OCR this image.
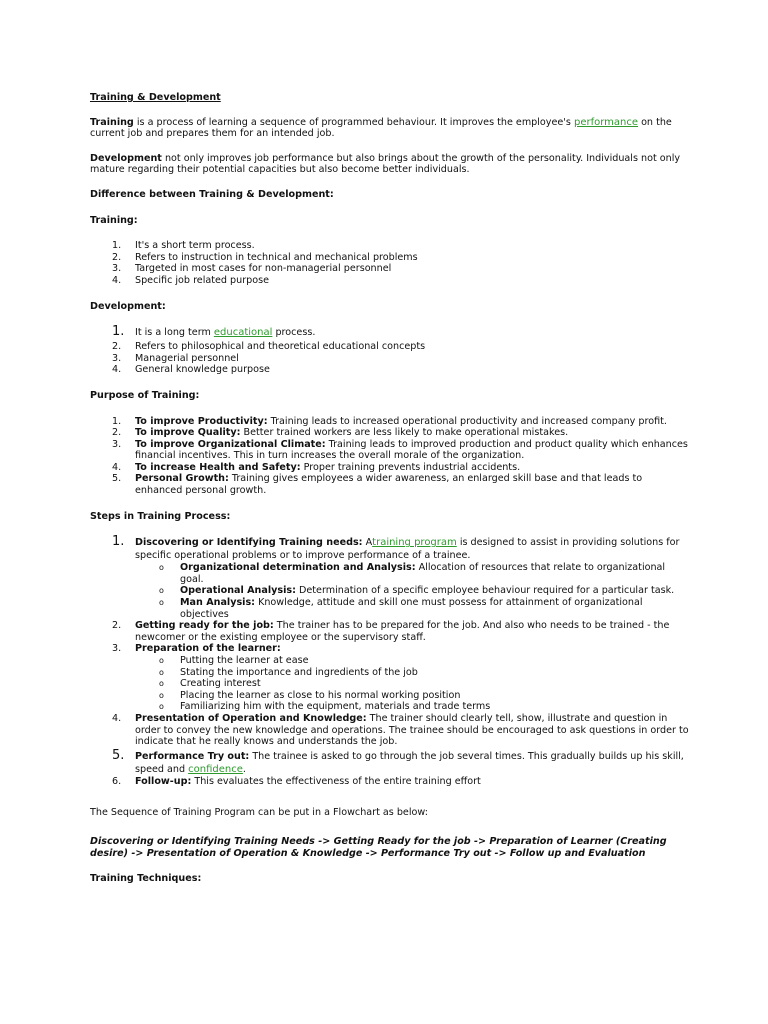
Training & Development

Training is a process of learning a sequence of programmed behaviour. It improves the employee's performance on the current job and prepares them for an intended job.

Development not only improves job performance but also brings about the growth of the personality. Individuals not only mature regarding their potential capacities but also become better individuals.

Difference between Training & Development:
Training:
1.	It's a short term process.
2.	Refers to instruction in technical and mechanical problems
3.	Targeted in most cases for non-managerial personnel
4.	Specific job related purpose
Development:
1.	It is a long term educational process.
2.	Refers to philosophical and theoretical educational concepts
3.	Managerial personnel
4.	General knowledge purpose
Purpose of Training:
1.	To improve Productivity: Training leads to increased operational productivity and increased company profit.
2.	To improve Quality: Better trained workers are less likely to make operational mistakes.
3.	To improve Organizational Climate: Training leads to improved production and product quality which enhances financial incentives. This in turn increases the overall morale of the organization.
4.	To increase Health and Safety: Proper training prevents industrial accidents.
5.	Personal Growth: Training gives employees a wider awareness, an enlarged skill base and that leads to enhanced personal growth.
Steps in Training Process:
1.	Discovering or Identifying Training needs: Atraining program is designed to assist in providing solutions for specific operational problems or to improve performance of a trainee.
o Organizational determination and Analysis: Allocation of resources that relate to organizational goal.
o Operational Analysis: Determination of a specific employee behaviour required for a particular task.
o Man Analysis: Knowledge, attitude and skill one must possess for attainment of organizational objectives
2.	Getting ready for the job: The trainer has to be prepared for the job. And also who needs to be trained - the newcomer or the existing employee or the supervisory staff.
3.	Preparation of the learner:
o Putting the learner at ease
o Stating the importance and ingredients of the job
o Creating interest
o Placing the learner as close to his normal working position
o Familiarizing him with the equipment, materials and trade terms
4.	Presentation of Operation and Knowledge: The trainer should clearly tell, show, illustrate and question in order to convey the new knowledge and operations. The trainee should be encouraged to ask questions in order to indicate that he really knows and understands the job.
5.	Performance Try out: The trainee is asked to go through the job several times. This gradually builds up his skill, speed and confidence.
6.	Follow-up: This evaluates the effectiveness of the entire training effort

The Sequence of Training Program can be put in a Flowchart as below:

Discovering or Identifying Training Needs -> Getting Ready for the job -> Preparation of Learner (Creating desire) -> Presentation of Operation & Knowledge -> Performance Try out -> Follow up and Evaluation
Training Techniques:
